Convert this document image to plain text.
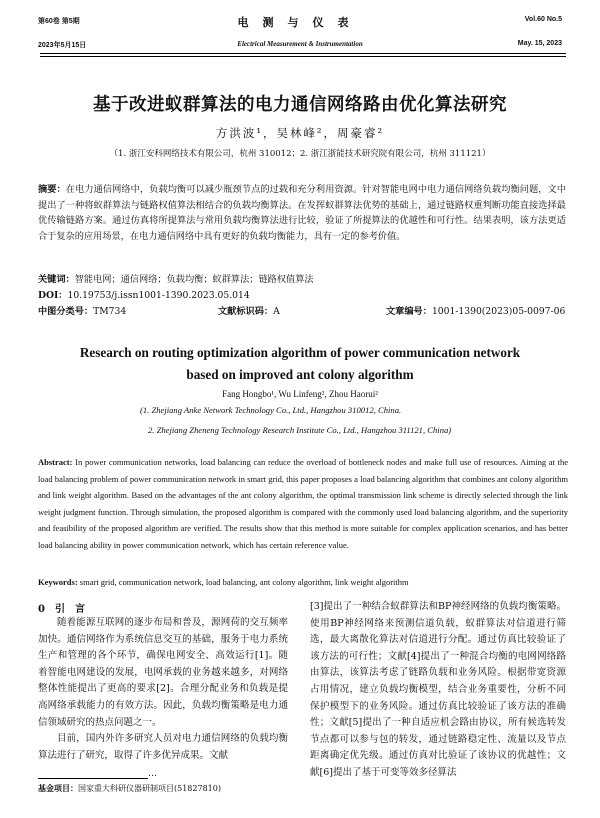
第60卷 第5期
2023年5月15日
电测与仪表
Electrical Measurement & Instrumentation
Vol.60 No.5
May. 15, 2023
基于改进蚁群算法的电力通信网络路由优化算法研究
方洪波¹，吴林峰²，周豪睿²
（1. 浙江安科网络技术有限公司，杭州 310012；2. 浙江浙能技术研究院有限公司，杭州 311121）
摘要：在电力通信网络中，负载均衡可以减少瓶颈节点的过载和充分利用资源。针对智能电网中电力通信网络负载均衡问题，文中提出了一种将蚁群算法与链路权值算法相结合的负载均衡算法。在发挥蚁群算法优势的基础上，通过链路权重判断功能直接选择最优传输链路方案。通过仿真将所提算法与常用负载均衡算法进行比较，验证了所提算法的优越性和可行性。结果表明，该方法更适合于复杂的应用场景，在电力通信网络中具有更好的负载均衡能力，具有一定的参考价值。
关键词：智能电网；通信网络；负载均衡；蚁群算法；链路权值算法
DOI：10.19753/j.issn1001-1390.2023.05.014
中图分类号：TM734	文献标识码：A	文章编号：1001-1390(2023)05-0097-06
Research on routing optimization algorithm of power communication network based on improved ant colony algorithm
Fang Hongbo¹, Wu Linfeng², Zhou Haorui²
(1. Zhejiang Anke Network Technology Co., Ltd., Hangzhou 310012, China.
2. Zhejiang Zheneng Technology Research Institute Co., Ltd., Hangzhou 311121, China)
Abstract: In power communication networks, load balancing can reduce the overload of bottleneck nodes and make full use of resources. Aiming at the load balancing problem of power communication network in smart grid, this paper proposes a load balancing algorithm that combines ant colony algorithm and link weight algorithm. Based on the advantages of the ant colony algorithm, the optimal transmission link scheme is directly selected through the link weight judgment function. Through simulation, the proposed algorithm is compared with the commonly used load balancing algorithm, and the superiority and feasibility of the proposed algorithm are verified. The results show that this method is more suitable for complex application scenarios, and has better load balancing ability in power communication network, which has certain reference value.
Keywords: smart grid, communication network, load balancing, ant colony algorithm, link weight algorithm
0　引　言
随着能源互联网的逐步布局和普及，源网荷的交互频率加快。通信网络作为系统信息交互的基础，服务于电力系统生产和管理的各个环节，确保电网安全、高效运行[1]。随着智能电网建设的发展，电网承载的业务越来越多，对网络整体性能提出了更高的要求[2]。合理分配业务和负载是提高网络承载能力的有效方法。因此，负载均衡策略是电力通信领域研究的热点问题之一。
目前，国内外许多研究人员对电力通信网络的负载均衡算法进行了研究，取得了许多优异成果。文献
…
基金项目：国家重大科研仪器研制项目(51827810)
[3]提出了一种结合蚁群算法和BP神经网络的负载均衡策略。使用BP神经网络来预测信道负载，蚁群算法对信道进行筛选，最大离散化算法对信道进行分配。通过仿真比较验证了该方法的可行性；文献[4]提出了一种混合均衡的电网网络路由算法，该算法考虑了链路负载和业务风险。根据带宽资源占用情况，建立负载均衡模型，结合业务重要性，分析不同保护模型下的业务风险。通过仿真比较验证了该方法的准确性；文献[5]提出了一种自适应机会路由协议，所有候选转发节点都可以参与包的转发，通过链路稳定性、流量以及节点距离确定优先级。通过仿真对比验证了该协议的优越性；文献[6]提出了基于可变等效多径算法
